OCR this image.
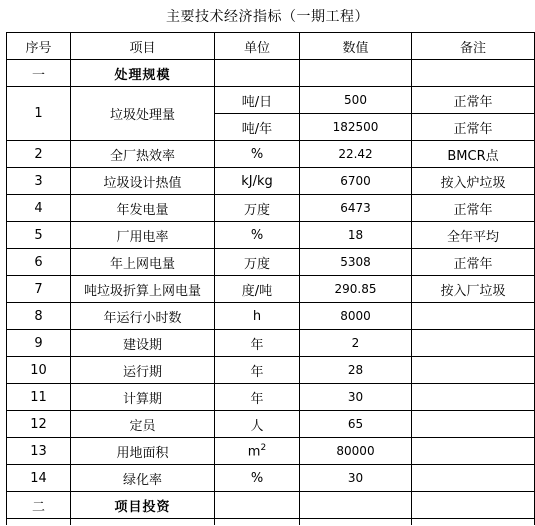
主要技术经济指标（一期工程）
序号	项目	单位	数值	备注
一	处理规模			
1	垃圾处理量	吨/日	500	正常年
		吨/年	182500	正常年
2	全厂热效率	%	22.42	BMCR点
3	垃圾设计热值	kJ/kg	6700	按入炉垃圾
4	年发电量	万度	6473	正常年
5	厂用电率	%	18	全年平均
6	年上网电量	万度	5308	正常年
7	吨垃圾折算上网电量	度/吨	290.85	按入厂垃圾
8	年运行小时数	h	8000	
9	建设期	年	2	
10	运行期	年	28	
11	计算期	年	30	
12	定员	人	65	
13	用地面积	$m^2$	80000	
14	绿化率	%	30	
二	项目投资			
